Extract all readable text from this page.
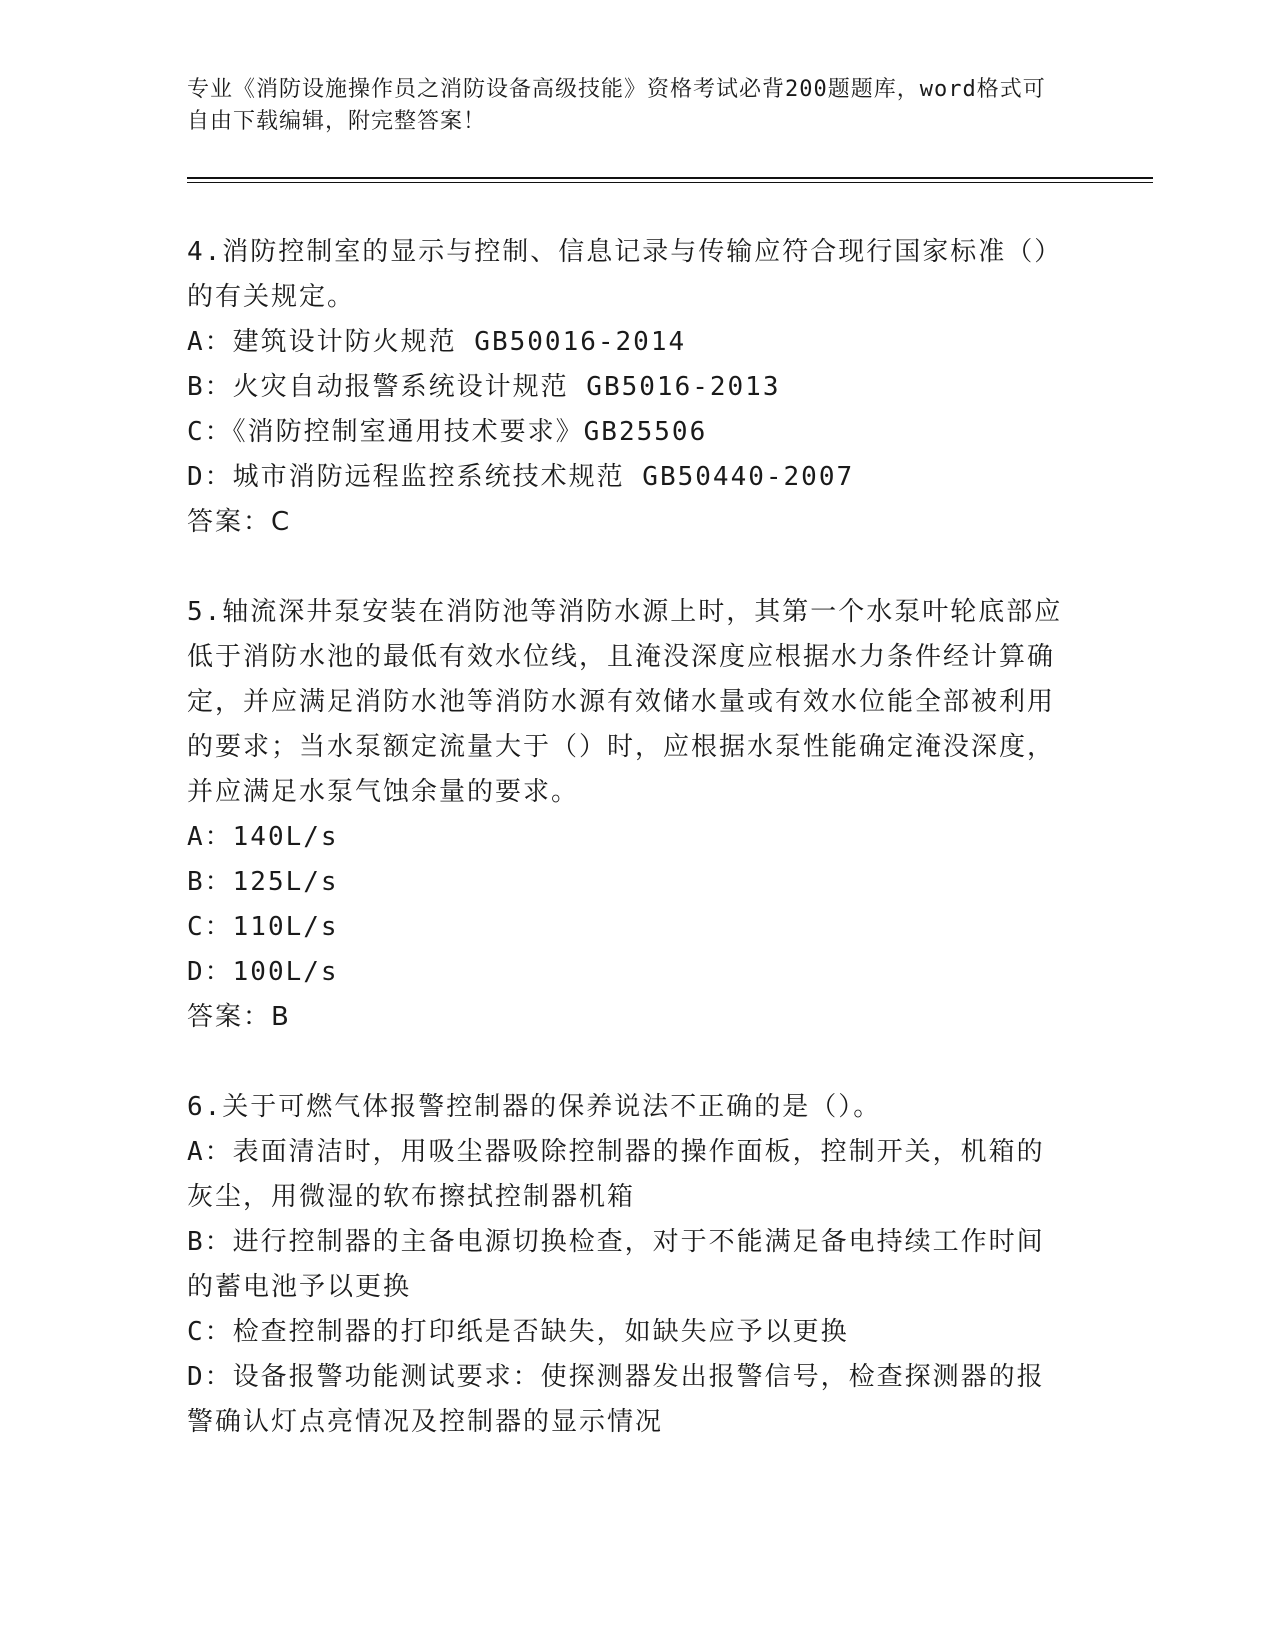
专业《消防设施操作员之消防设备高级技能》资格考试必背200题题库，word格式可自由下载编辑，附完整答案！

4.消防控制室的显示与控制、信息记录与传输应符合现行国家标准（）的有关规定。

A：建筑设计防火规范 GB50016-2014

B：火灾自动报警系统设计规范 GB5016-2013

C：《消防控制室通用技术要求》GB25506

D：城市消防远程监控系统技术规范 GB50440-2007

答案：C

5.轴流深井泵安装在消防池等消防水源上时，其第一个水泵叶轮底部应低于消防水池的最低有效水位线，且淹没深度应根据水力条件经计算确定，并应满足消防水池等消防水源有效储水量或有效水位能全部被利用的要求；当水泵额定流量大于（）时，应根据水泵性能确定淹没深度，并应满足水泵气蚀余量的要求。

A：140L/s

B：125L/s

C：110L/s

D：100L/s

答案：B

6.关于可燃气体报警控制器的保养说法不正确的是（）。

A：表面清洁时，用吸尘器吸除控制器的操作面板，控制开关，机箱的灰尘，用微湿的软布擦拭控制器机箱

B：进行控制器的主备电源切换检查，对于不能满足备电持续工作时间的蓄电池予以更换

C：检查控制器的打印纸是否缺失，如缺失应予以更换

D：设备报警功能测试要求：使探测器发出报警信号，检查探测器的报警确认灯点亮情况及控制器的显示情况
